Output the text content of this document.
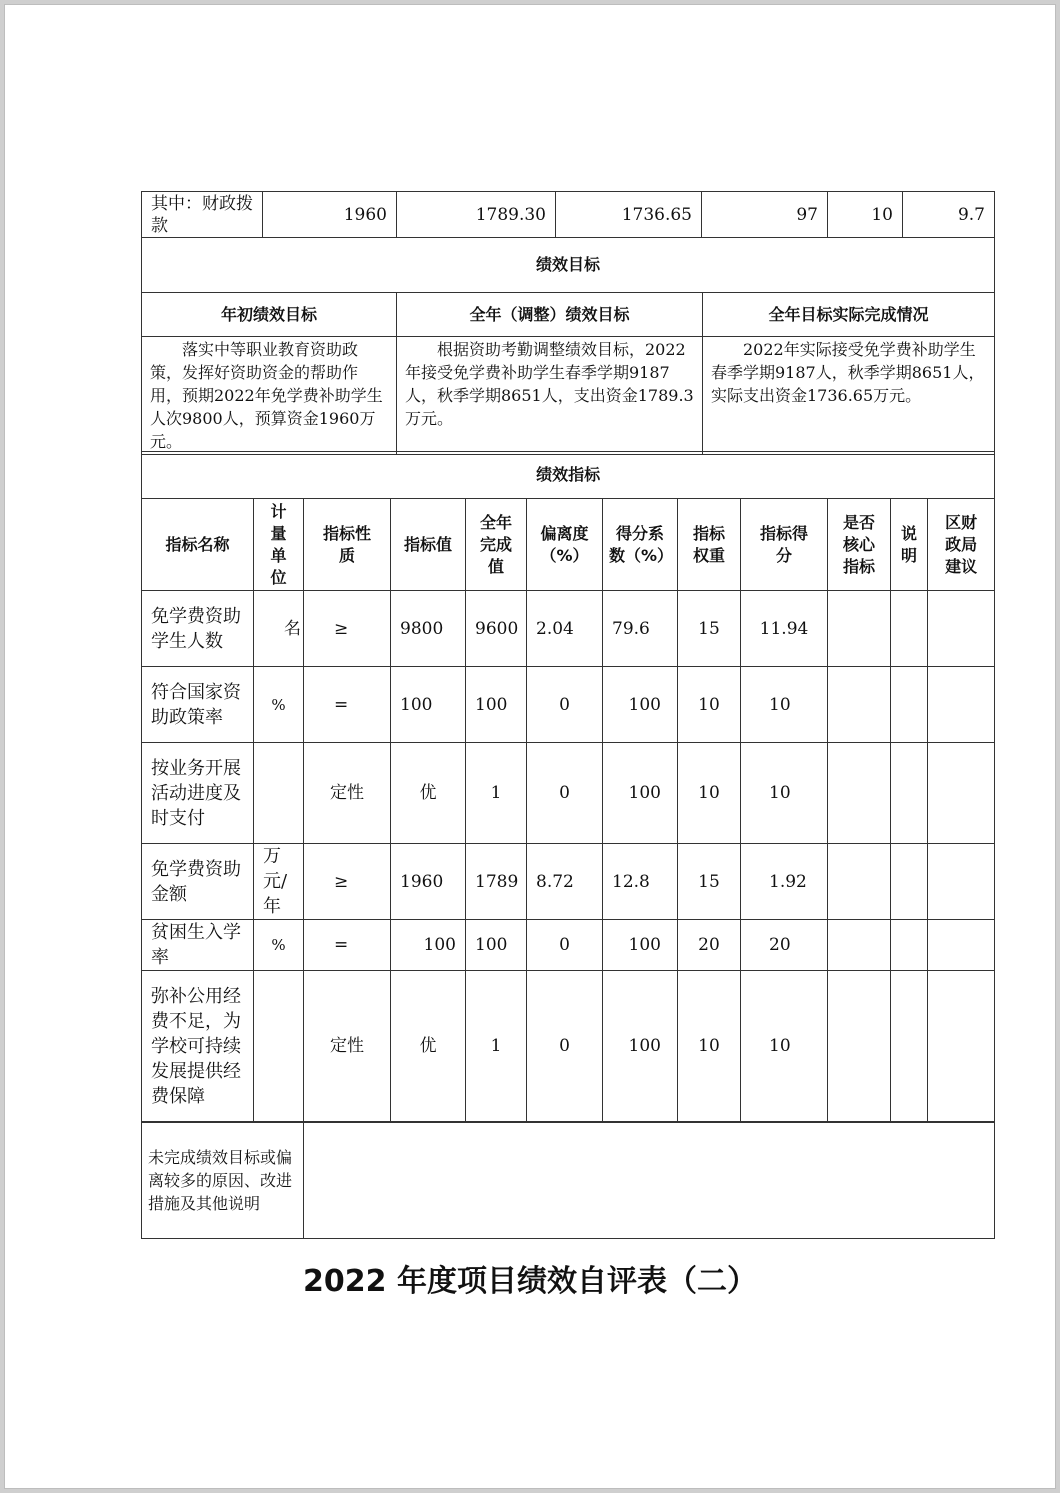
其中：财政拨款	1960	1789.30	1736.65	97	10	9.7
绩效目标		
年初绩效目标	全年（调整）绩效目标	全年目标实际完成情况
落实中等职业教育资助政策，发挥好资助资金的帮助作用，预期2022年免学费补助学生人次9800人，预算资金1960万元。	根据资助考勤调整绩效目标，2022年接受免学费补助学生春季学期9187人，秋季学期8651人，支出资金1789.3万元。	2022年实际接受免学费补助学生春季学期9187人，秋季学期8651人，实际支出资金1736.65万元。
绩效指标											
指标名称	计量单位	指标性质	指标值	全年完成值	偏离度（%）	得分系数（%）	指标权重	指标得分	是否核心指标	说明	区财政局建议
免学费资助学生人数	名	≥	9800	9600	2.04	79.6	15	11.94			
符合国家资助政策率	%	=	100	100	0	100	10	10			
按业务开展活动进度及时支付		定性	优	1	0	100	10	10			
免学费资助金额	万元/年	≥	1960	1789	8.72	12.8	15	1.92			
贫困生入学率	%	=	100	100	0	100	20	20			
弥补公用经费不足，为学校可持续发展提供经费保障		定性	优	1	0	100	10	10			
未完成绩效目标或偏离较多的原因、改进措施及其他说明	
2022 年度项目绩效自评表（二）
